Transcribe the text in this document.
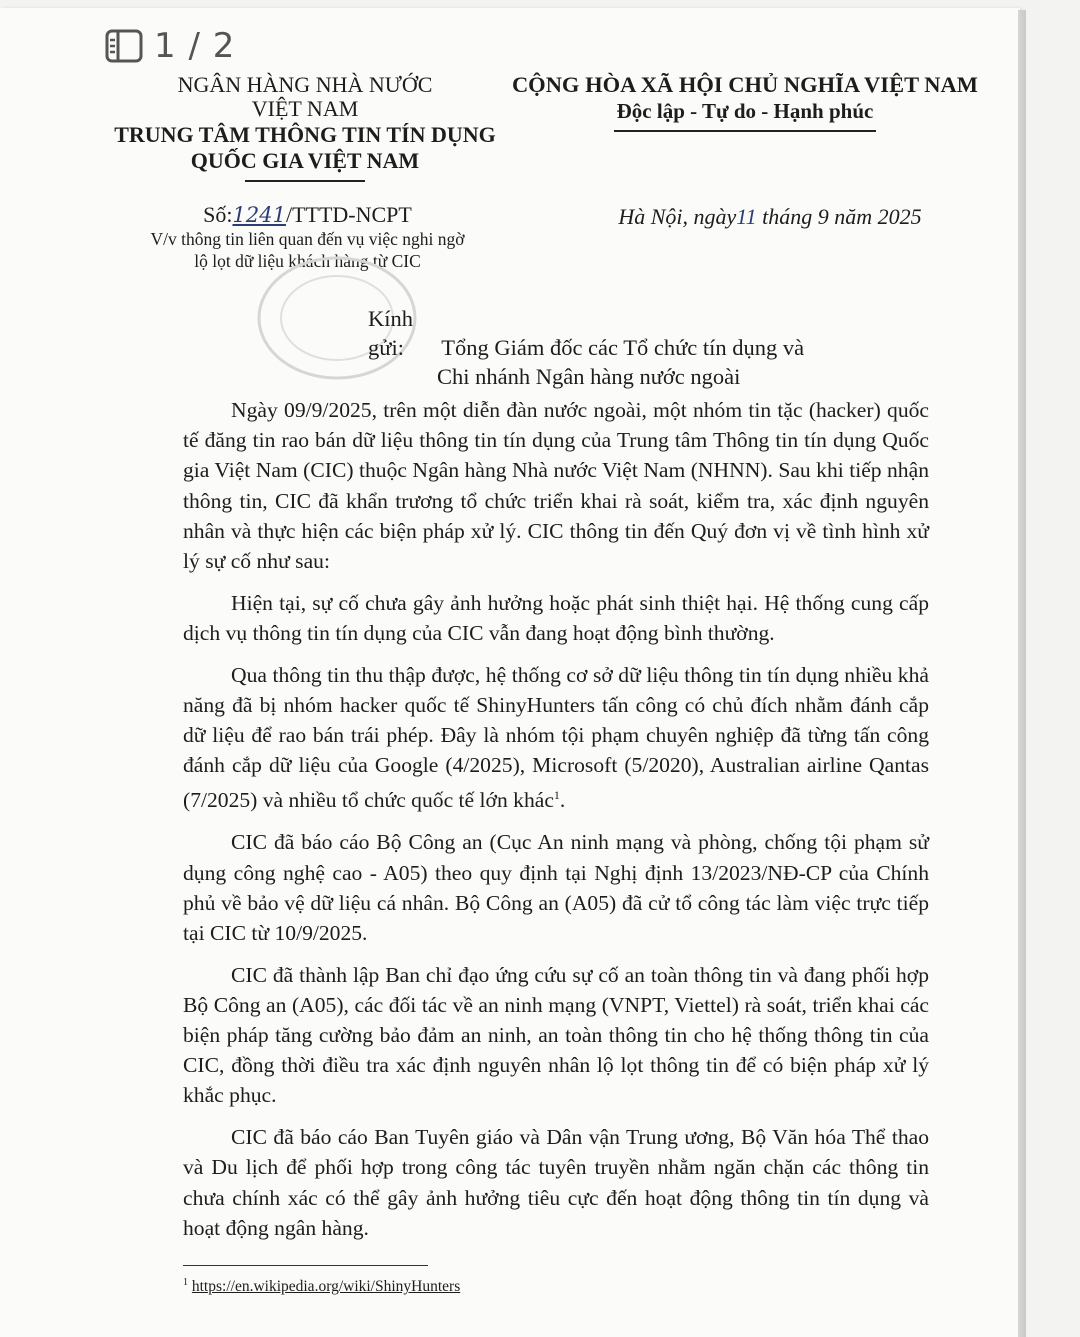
1 / 2
NGÂN HÀNG NHÀ NƯỚC
VIỆT NAM
TRUNG TÂM THÔNG TIN TÍN DỤNG
QUỐC GIA VIỆT NAM
CỘNG HÒA XÃ HỘI CHỦ NGHĨA VIỆT NAM
Độc lập - Tự do - Hạnh phúc
Số:1241/TTTD-NCPT
V/v thông tin liên quan đến vụ việc nghi ngờ
lộ lọt dữ liệu khách hàng từ CIC
Hà Nội, ngày11 tháng 9 năm 2025
Kính gửi: Tổng Giám đốc các Tổ chức tín dụng và
Chi nhánh Ngân hàng nước ngoài

Ngày 09/9/2025, trên một diễn đàn nước ngoài, một nhóm tin tặc (hacker) quốc tế đăng tin rao bán dữ liệu thông tin tín dụng của Trung tâm Thông tin tín dụng Quốc gia Việt Nam (CIC) thuộc Ngân hàng Nhà nước Việt Nam (NHNN). Sau khi tiếp nhận thông tin, CIC đã khẩn trương tổ chức triển khai rà soát, kiểm tra, xác định nguyên nhân và thực hiện các biện pháp xử lý. CIC thông tin đến Quý đơn vị về tình hình xử lý sự cố như sau:

Hiện tại, sự cố chưa gây ảnh hưởng hoặc phát sinh thiệt hại. Hệ thống cung cấp dịch vụ thông tin tín dụng của CIC vẫn đang hoạt động bình thường.

Qua thông tin thu thập được, hệ thống cơ sở dữ liệu thông tin tín dụng nhiều khả năng đã bị nhóm hacker quốc tế ShinyHunters tấn công có chủ đích nhằm đánh cắp dữ liệu để rao bán trái phép. Đây là nhóm tội phạm chuyên nghiệp đã từng tấn công đánh cắp dữ liệu của Google (4/2025), Microsoft (5/2020), Australian airline Qantas (7/2025) và nhiều tổ chức quốc tế lớn khác$^1$.

CIC đã báo cáo Bộ Công an (Cục An ninh mạng và phòng, chống tội phạm sử dụng công nghệ cao - A05) theo quy định tại Nghị định 13/2023/NĐ-CP của Chính phủ về bảo vệ dữ liệu cá nhân. Bộ Công an (A05) đã cử tổ công tác làm việc trực tiếp tại CIC từ 10/9/2025.

CIC đã thành lập Ban chỉ đạo ứng cứu sự cố an toàn thông tin và đang phối hợp Bộ Công an (A05), các đối tác về an ninh mạng (VNPT, Viettel) rà soát, triển khai các biện pháp tăng cường bảo đảm an ninh, an toàn thông tin cho hệ thống thông tin của CIC, đồng thời điều tra xác định nguyên nhân lộ lọt thông tin để có biện pháp xử lý khắc phục.

CIC đã báo cáo Ban Tuyên giáo và Dân vận Trung ương, Bộ Văn hóa Thể thao và Du lịch để phối hợp trong công tác tuyên truyền nhằm ngăn chặn các thông tin chưa chính xác có thể gây ảnh hưởng tiêu cực đến hoạt động thông tin tín dụng và hoạt động ngân hàng.

$^1$ https://en.wikipedia.org/wiki/ShinyHunters
